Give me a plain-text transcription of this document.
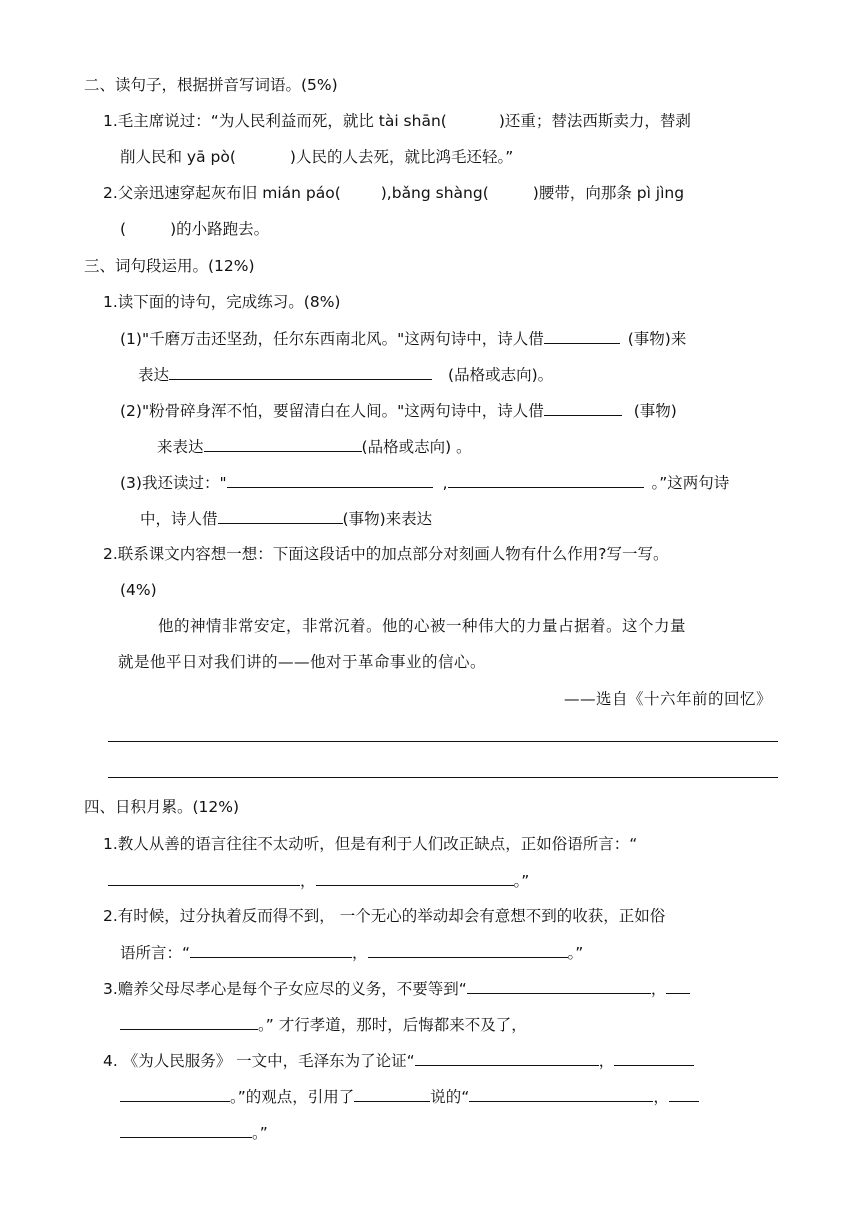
二、读句子，根据拼音写词语。(5%)
1.毛主席说过：“为人民利益而死，就比 tài shān(	)还重；替法西斯卖力，替剥
削人民和 yā pò(	)人民的人去死，就比鸿毛还轻。”
2.父亲迅速穿起灰布旧 mián páo(	),bǎng shàng(	)腰带，向那条 pì jìng
(	)的小路跑去。
三、词句段运用。(12%)
1.读下面的诗句，完成练习。(8%)
(1)"千磨万击还坚劲，任尔东西南北风。"这两句诗中，诗人借	(事物)来
表达	(品格或志向)。
(2)"粉骨碎身浑不怕，要留清白在人间。"这两句诗中，诗人借	(事物)
来表达	(品格或志向) 。
(3)我还读过："	,	。”这两句诗
中，诗人借	(事物)来表达
2.联系课文内容想一想：下面这段话中的加点部分对刻画人物有什么作用?写一写。
(4%)
他的神情非常安定，非常沉着。他的心被一种伟大的力量占据着。这个力量
就是他平日对我们讲的——他对于革命事业的信心。
——选自《十六年前的回忆》
四、日积月累。(12%)
1.教人从善的语言往往不太动听，但是有利于人们改正缺点，正如俗语所言：“
，	。”
2.有时候，过分执着反而得不到， 一个无心的举动却会有意想不到的收获，正如俗
语所言：“	，	。”
3.赡养父母尽孝心是每个子女应尽的义务，不要等到“	，
。” 才行孝道，那时，后悔都来不及了，
4. 《为人民服务》 一文中，毛泽东为了论证“	，
。”的观点，引用了	说的“	，
。”
